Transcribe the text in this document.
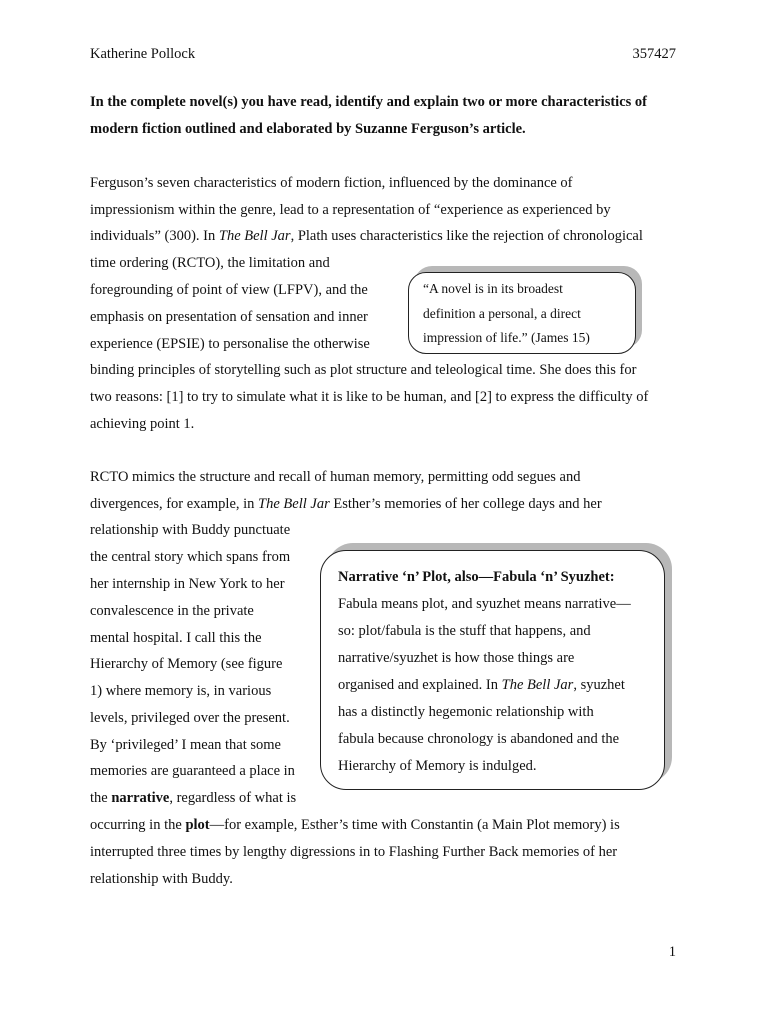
Katherine Pollock	357427
In the complete novel(s) you have read, identify and explain two or more characteristics of
modern fiction outlined and elaborated by Suzanne Ferguson’s article.
Ferguson’s seven characteristics of modern fiction, influenced by the dominance of
impressionism within the genre, lead to a representation of “experience as experienced by
individuals” (300). In The Bell Jar, Plath uses characteristics like the rejection of chronological
time ordering (RCTO), the limitation and
foregrounding of point of view (LFPV), and the
emphasis on presentation of sensation and inner
experience (EPSIE) to personalise the otherwise
binding principles of storytelling such as plot structure and teleological time. She does this for
two reasons: [1] to try to simulate what it is like to be human, and [2] to express the difficulty of
achieving point 1.
“A novel is in its broadest
definition a personal, a direct
impression of life.” (James 15)
RCTO mimics the structure and recall of human memory, permitting odd segues and
divergences, for example, in The Bell Jar Esther’s memories of her college days and her
relationship with Buddy punctuate
the central story which spans from
her internship in New York to her
convalescence in the private
mental hospital. I call this the
Hierarchy of Memory (see figure
1) where memory is, in various
levels, privileged over the present.
By ‘privileged’ I mean that some
memories are guaranteed a place in
the narrative, regardless of what is
occurring in the plot—for example, Esther’s time with Constantin (a Main Plot memory) is
interrupted three times by lengthy digressions in to Flashing Further Back memories of her
relationship with Buddy.
Narrative ‘n’ Plot, also—Fabula ‘n’ Syuzhet:
Fabula means plot, and syuzhet means narrative—
so: plot/fabula is the stuff that happens, and
narrative/syuzhet is how those things are
organised and explained. In The Bell Jar, syuzhet
has a distinctly hegemonic relationship with
fabula because chronology is abandoned and the
Hierarchy of Memory is indulged.
1
